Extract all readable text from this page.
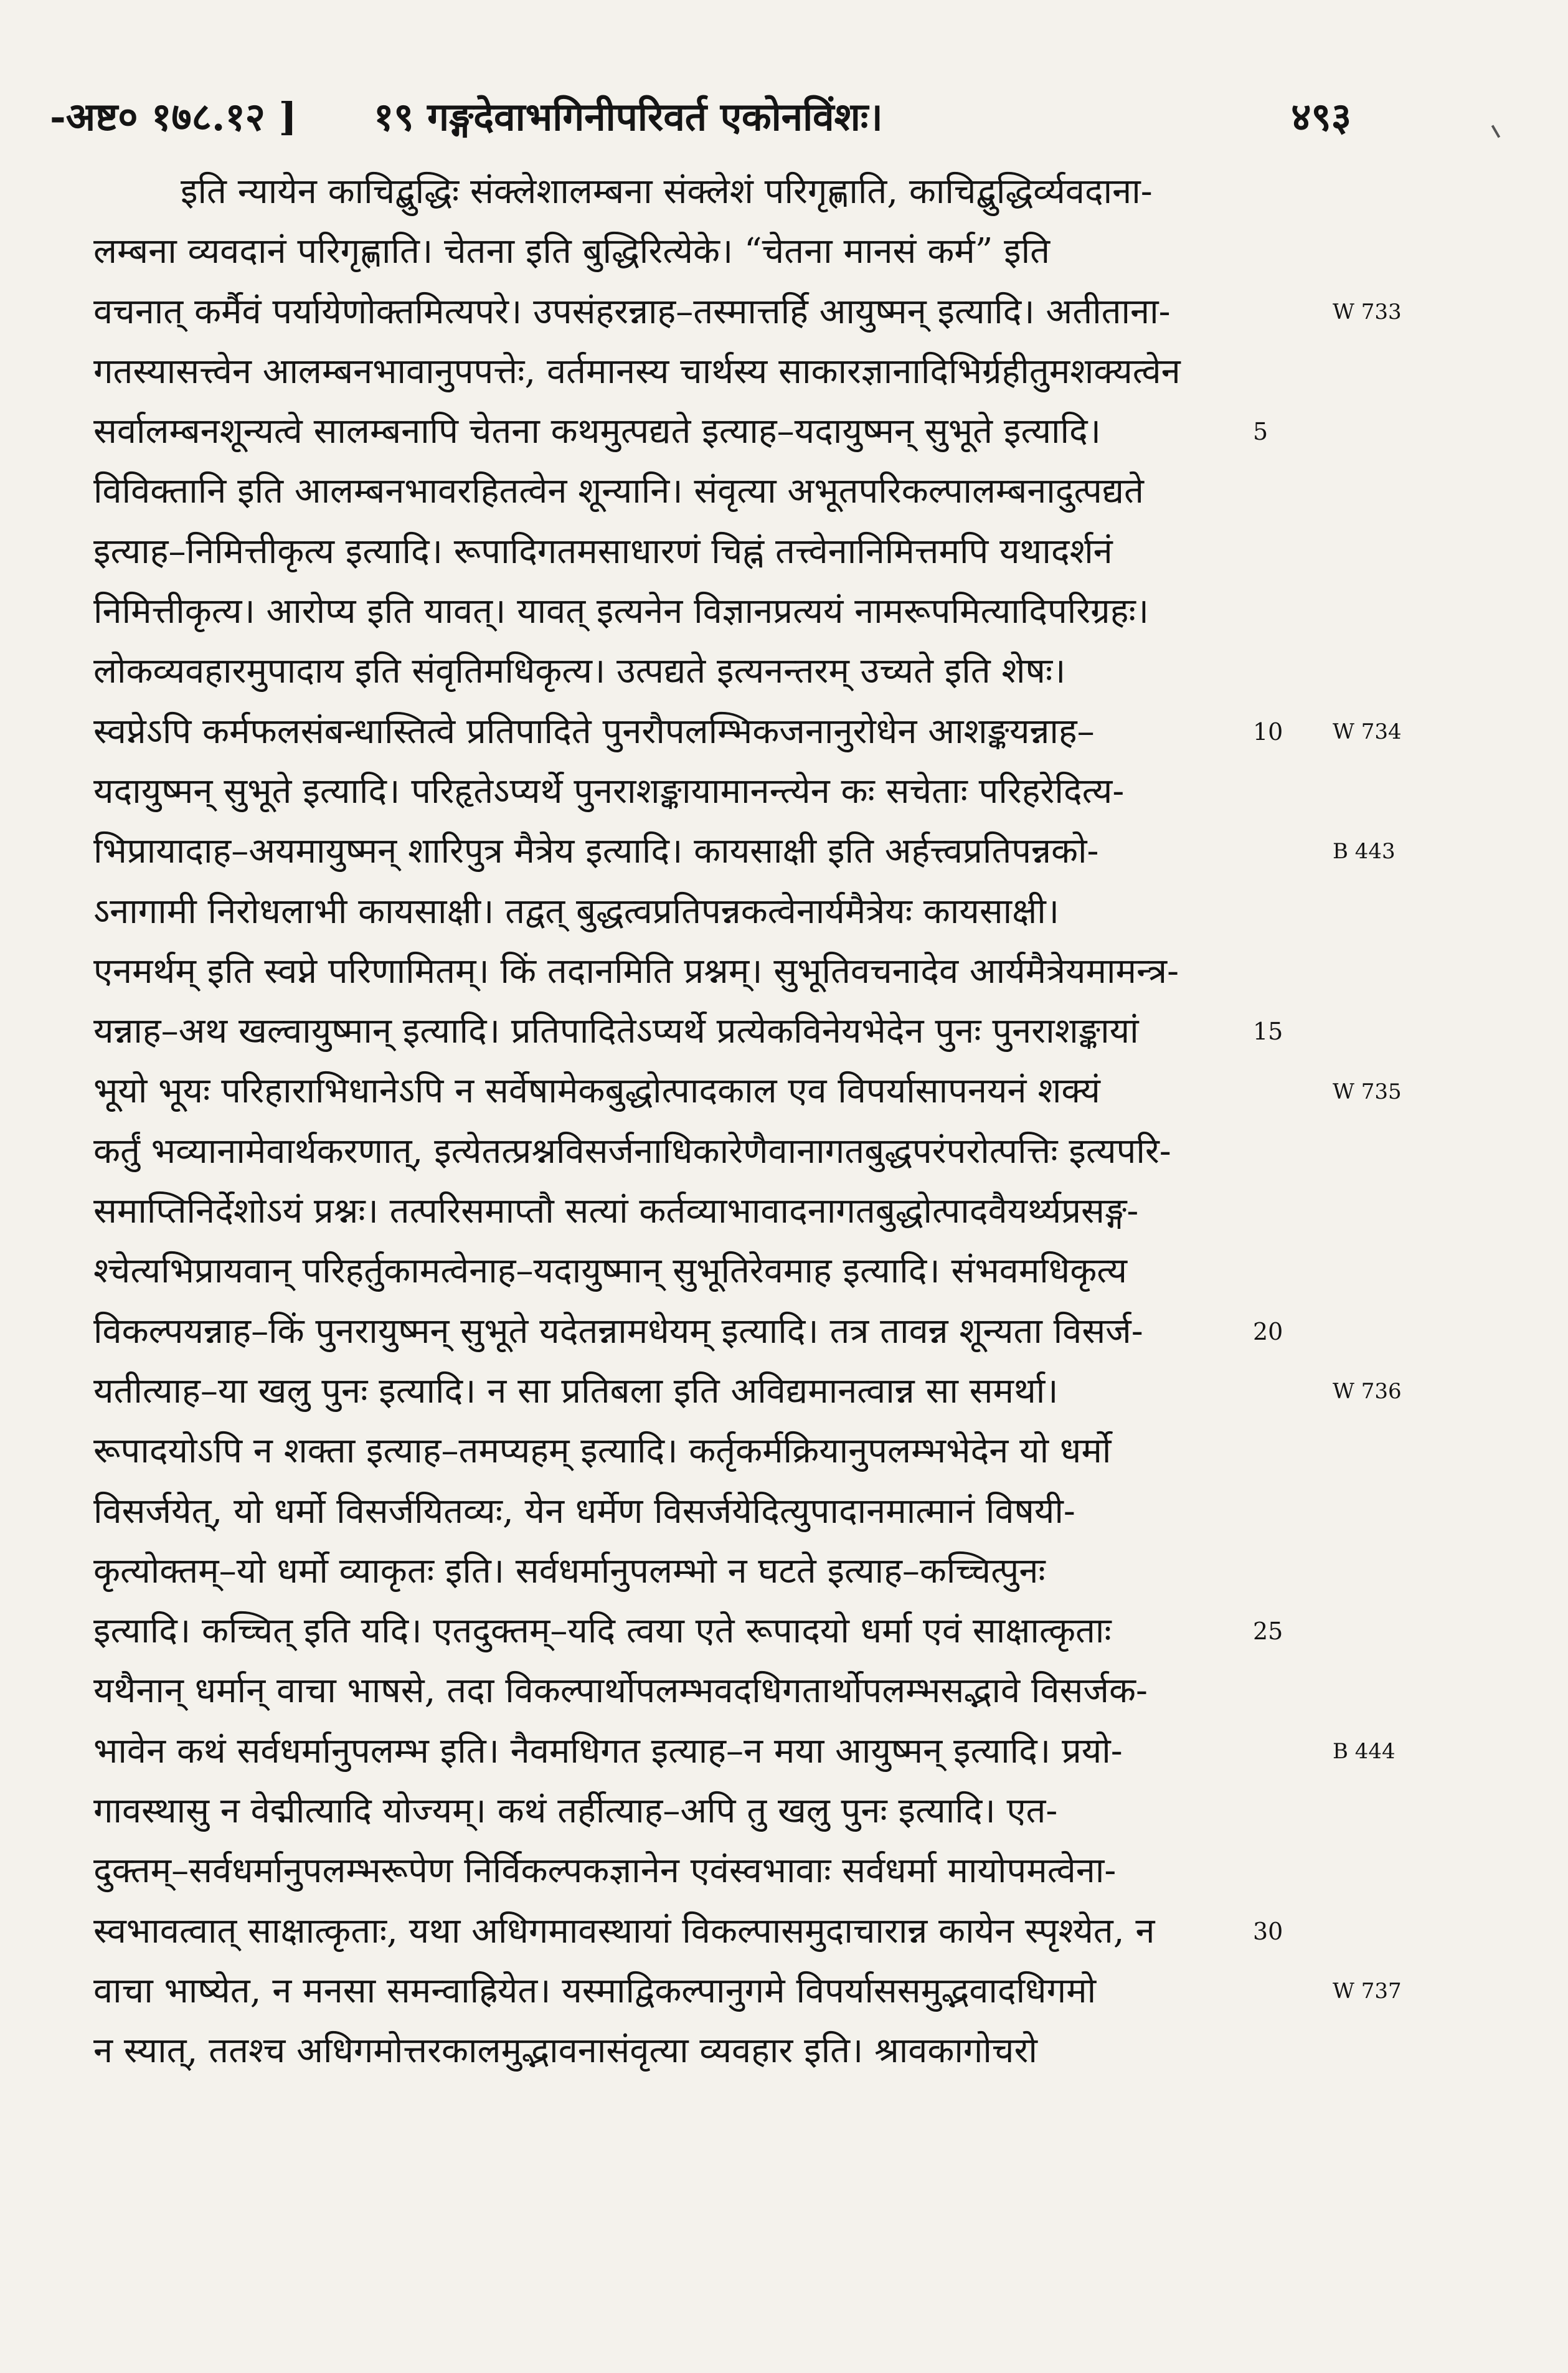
-अष्ट० १७८.१२ ] १९ गङ्गदेवाभगिनीपरिवर्त एकोनविंशः।	४९३
इति न्यायेन काचिद्बुद्धिः संक्लेशालम्बना संक्लेशं परिगृह्णाति, काचिद्बुद्धिर्व्यवदाना-
लम्बना व्यवदानं परिगृह्णाति। चेतना इति बुद्धिरित्येके। “चेतना मानसं कर्म” इति
वचनात् कर्मैवं पर्यायेणोक्तमित्यपरे। उपसंहरन्नाह–तस्मात्तर्हि आयुष्मन् इत्यादि। अतीताना-
गतस्यासत्त्वेन आलम्बनभावानुपपत्तेः, वर्तमानस्य चार्थस्य साकारज्ञानादिभिर्ग्रहीतुमशक्यत्वेन
सर्वालम्बनशून्यत्वे सालम्बनापि चेतना कथमुत्पद्यते इत्याह–यदायुष्मन् सुभूते इत्यादि।
विविक्तानि इति आलम्बनभावरहितत्वेन शून्यानि। संवृत्या अभूतपरिकल्पालम्बनादुत्पद्यते
इत्याह–निमित्तीकृत्य इत्यादि। रूपादिगतमसाधारणं चिह्नं तत्त्वेनानिमित्तमपि यथादर्शनं
निमित्तीकृत्य। आरोप्य इति यावत्। यावत् इत्यनेन विज्ञानप्रत्ययं नामरूपमित्यादिपरिग्रहः।
लोकव्यवहारमुपादाय इति संवृतिमधिकृत्य। उत्पद्यते इत्यनन्तरम् उच्यते इति शेषः।
स्वप्नेऽपि कर्मफलसंबन्धास्तित्वे प्रतिपादिते पुनरौपलम्भिकजनानुरोधेन आशङ्कयन्नाह–
यदायुष्मन् सुभूते इत्यादि। परिहृतेऽप्यर्थे पुनराशङ्कायामानन्त्येन कः सचेताः परिहरेदित्य-
भिप्रायादाह–अयमायुष्मन् शारिपुत्र मैत्रेय इत्यादि। कायसाक्षी इति अर्हत्त्वप्रतिपन्नको-
ऽनागामी निरोधलाभी कायसाक्षी। तद्वत् बुद्धत्वप्रतिपन्नकत्वेनार्यमैत्रेयः कायसाक्षी।
एनमर्थम् इति स्वप्ने परिणामितम्। किं तदानमिति प्रश्नम्। सुभूतिवचनादेव आर्यमैत्रेयमामन्त्र-
यन्नाह–अथ खल्वायुष्मान् इत्यादि। प्रतिपादितेऽप्यर्थे प्रत्येकविनेयभेदेन पुनः पुनराशङ्कायां
भूयो भूयः परिहाराभिधानेऽपि न सर्वेषामेकबुद्धोत्पादकाल एव विपर्यासापनयनं शक्यं
कर्तुं भव्यानामेवार्थकरणात्, इत्येतत्प्रश्नविसर्जनाधिकारेणैवानागतबुद्धपरंपरोत्पत्तिः इत्यपरि-
समाप्तिनिर्देशोऽयं प्रश्नः। तत्परिसमाप्तौ सत्यां कर्तव्याभावादनागतबुद्धोत्पादवैयर्थ्यप्रसङ्ग-
श्चेत्यभिप्रायवान् परिहर्तुकामत्वेनाह–यदायुष्मान् सुभूतिरेवमाह इत्यादि। संभवमधिकृत्य
विकल्पयन्नाह–किं पुनरायुष्मन् सुभूते यदेतन्नामधेयम् इत्यादि। तत्र तावन्न शून्यता विसर्ज-
यतीत्याह–या खलु पुनः इत्यादि। न सा प्रतिबला इति अविद्यमानत्वान्न सा समर्था।
रूपादयोऽपि न शक्ता इत्याह–तमप्यहम् इत्यादि। कर्तृकर्मक्रियानुपलम्भभेदेन यो धर्मो
विसर्जयेत्, यो धर्मो विसर्जयितव्यः, येन धर्मेण विसर्जयेदित्युपादानमात्मानं विषयी-
कृत्योक्तम्–यो धर्मो व्याकृतः इति। सर्वधर्मानुपलम्भो न घटते इत्याह–कच्चित्पुनः
इत्यादि। कच्चित् इति यदि। एतदुक्तम्–यदि त्वया एते रूपादयो धर्मा एवं साक्षात्कृताः
यथैनान् धर्मान् वाचा भाषसे, तदा विकल्पार्थोपलम्भवदधिगतार्थोपलम्भसद्भावे विसर्जक-
भावेन कथं सर्वधर्मानुपलम्भ इति। नैवमधिगत इत्याह–न मया आयुष्मन् इत्यादि। प्रयो-
गावस्थासु न वेद्मीत्यादि योज्यम्। कथं तर्हीत्याह–अपि तु खलु पुनः इत्यादि। एत-
दुक्तम्–सर्वधर्मानुपलम्भरूपेण निर्विकल्पकज्ञानेन एवंस्वभावाः सर्वधर्मा मायोपमत्वेना-
स्वभावत्वात् साक्षात्कृताः, यथा अधिगमावस्थायां विकल्पासमुदाचारान्न कायेन स्पृश्येत, न
वाचा भाष्येत, न मनसा समन्वाह्रियेत। यस्माद्विकल्पानुगमे विपर्याससमुद्भवादधिगमो
न स्यात्, ततश्च अधिगमोत्तरकालमुद्भावनासंवृत्या व्यवहार इति। श्रावकागोचरो
W 733
5
10 W 734
B 443
15
W 735
20
W 736
25
B 444
30
W 737
